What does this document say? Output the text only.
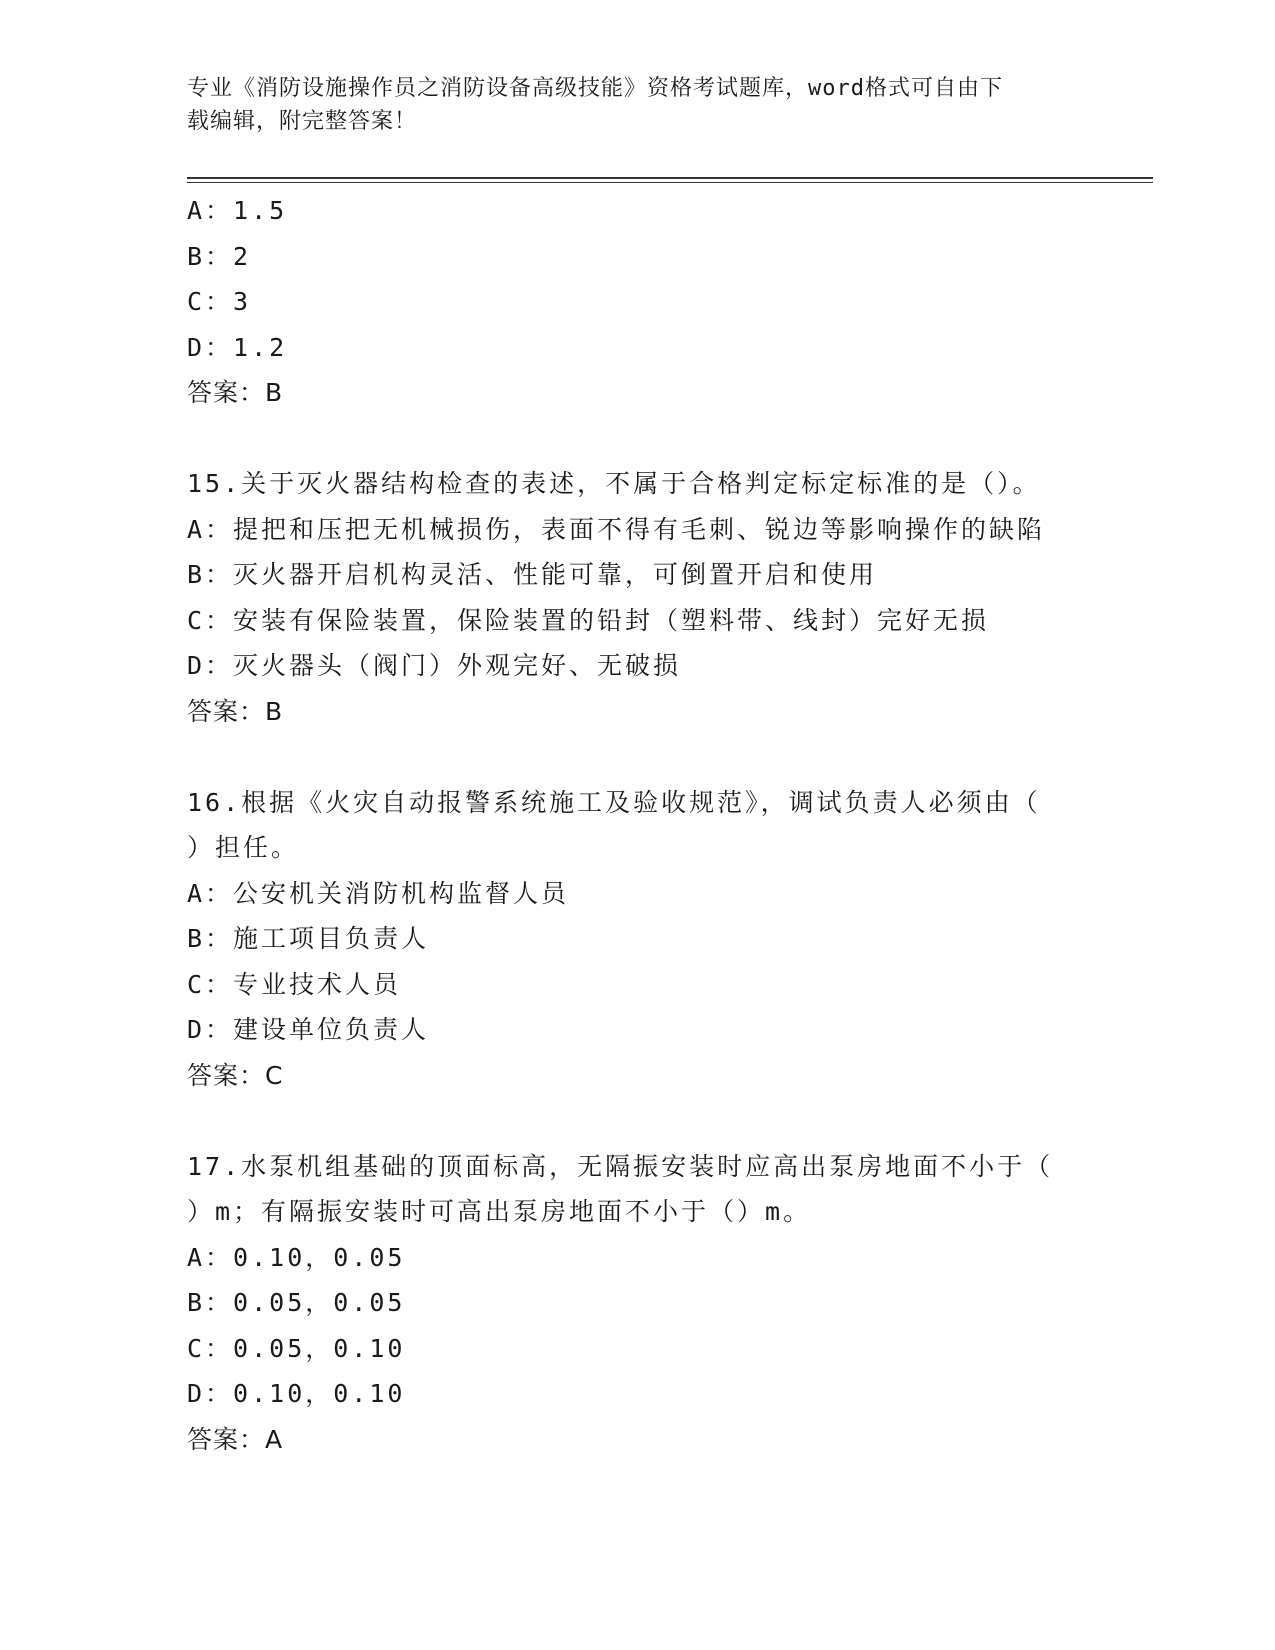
专业《消防设施操作员之消防设备高级技能》资格考试题库，word格式可自由下
载编辑，附完整答案！
A：1.5
B：2
C：3
D：1.2
答案：B
15.关于灭火器结构检查的表述，不属于合格判定标定标准的是（）。
A：提把和压把无机械损伤，表面不得有毛刺、锐边等影响操作的缺陷
B：灭火器开启机构灵活、性能可靠，可倒置开启和使用
C：安装有保险装置，保险装置的铅封（塑料带、线封）完好无损
D：灭火器头（阀门）外观完好、无破损
答案：B
16.根据《火灾自动报警系统施工及验收规范》，调试负责人必须由（
）担任。
A：公安机关消防机构监督人员
B：施工项目负责人
C：专业技术人员
D：建设单位负责人
答案：C
17.水泵机组基础的顶面标高，无隔振安装时应高出泵房地面不小于（
）m；有隔振安装时可高出泵房地面不小于（）m。
A：0.10，0.05
B：0.05，0.05
C：0.05，0.10
D：0.10，0.10
答案：A
